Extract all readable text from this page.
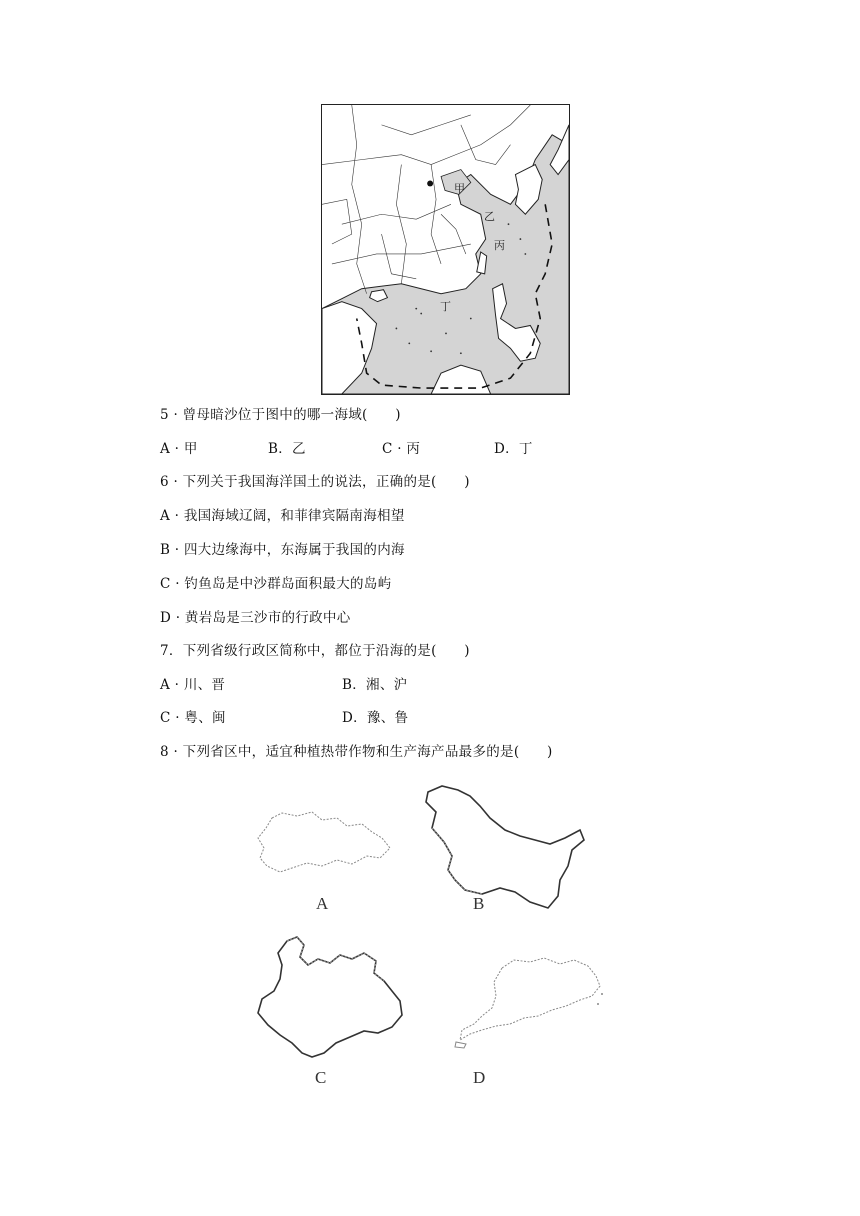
甲
乙
丙
丁
5 · 曾母暗沙位于图中的哪一海域(　　)
A · 甲	B．乙	C · 丙	D．丁
6 · 下列关于我国海洋国土的说法，正确的是(　　)
A · 我国海域辽阔，和菲律宾隔南海相望
B · 四大边缘海中，东海属于我国的内海
C · 钓鱼岛是中沙群岛面积最大的岛屿
D · 黄岩岛是三沙市的行政中心
7．下列省级行政区简称中，都位于沿海的是(　　)
A · 川、晋	B．湘、沪
C · 粤、闽	D．豫、鲁
8 · 下列省区中，适宜种植热带作物和生产海产品最多的是(　　)
A	B
C	D
